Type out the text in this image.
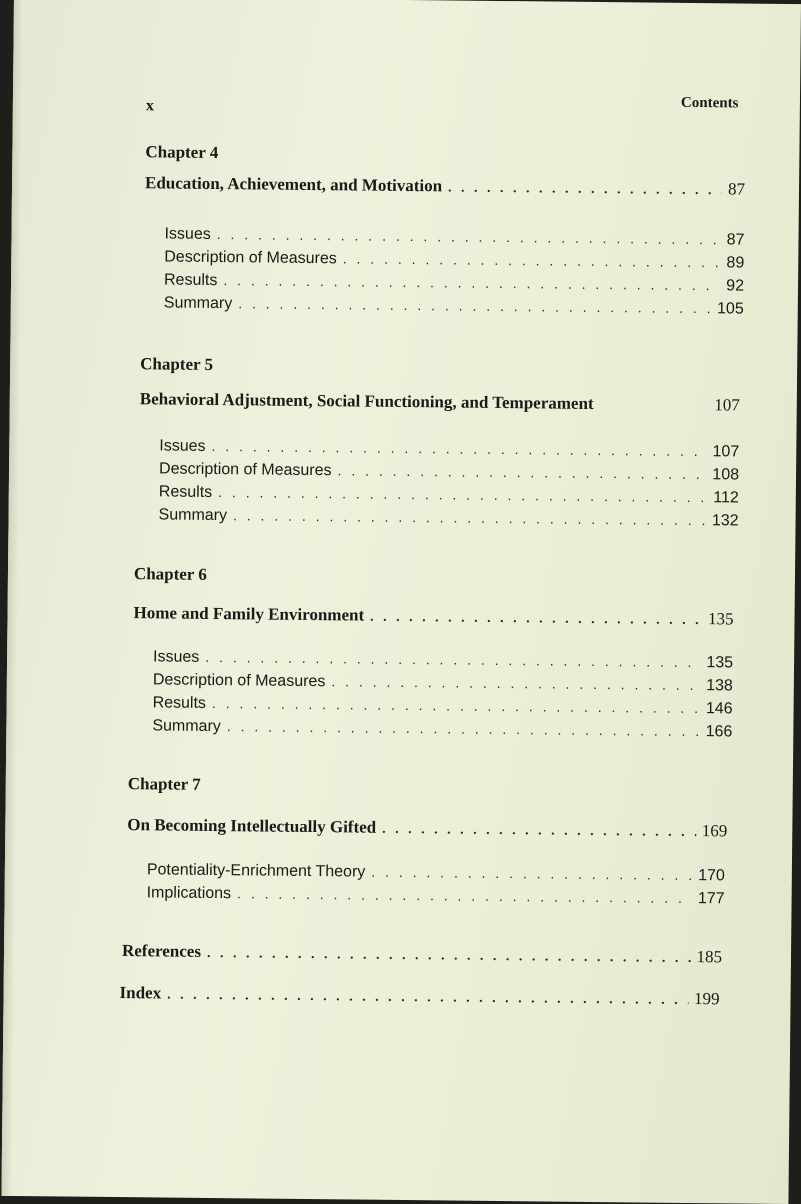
x	Contents
Chapter 4
Education, Achievement, and Motivation . . .	87
Issues . . .	87
Description of Measures . . .	89
Results . . .	92
Summary . . .	105
Chapter 5
Behavioral Adjustment, Social Functioning, and Temperament	107
Issues . . .	107
Description of Measures . . .	108
Results . . .	112
Summary . . .	132
Chapter 6
Home and Family Environment . . .	135
Issues . . .	135
Description of Measures . . .	138
Results . . .	146
Summary . . .	166
Chapter 7
On Becoming Intellectually Gifted . . .	169
Potentiality-Enrichment Theory . . .	170
Implications . . .	177
References . . .	185
Index . . .	199
